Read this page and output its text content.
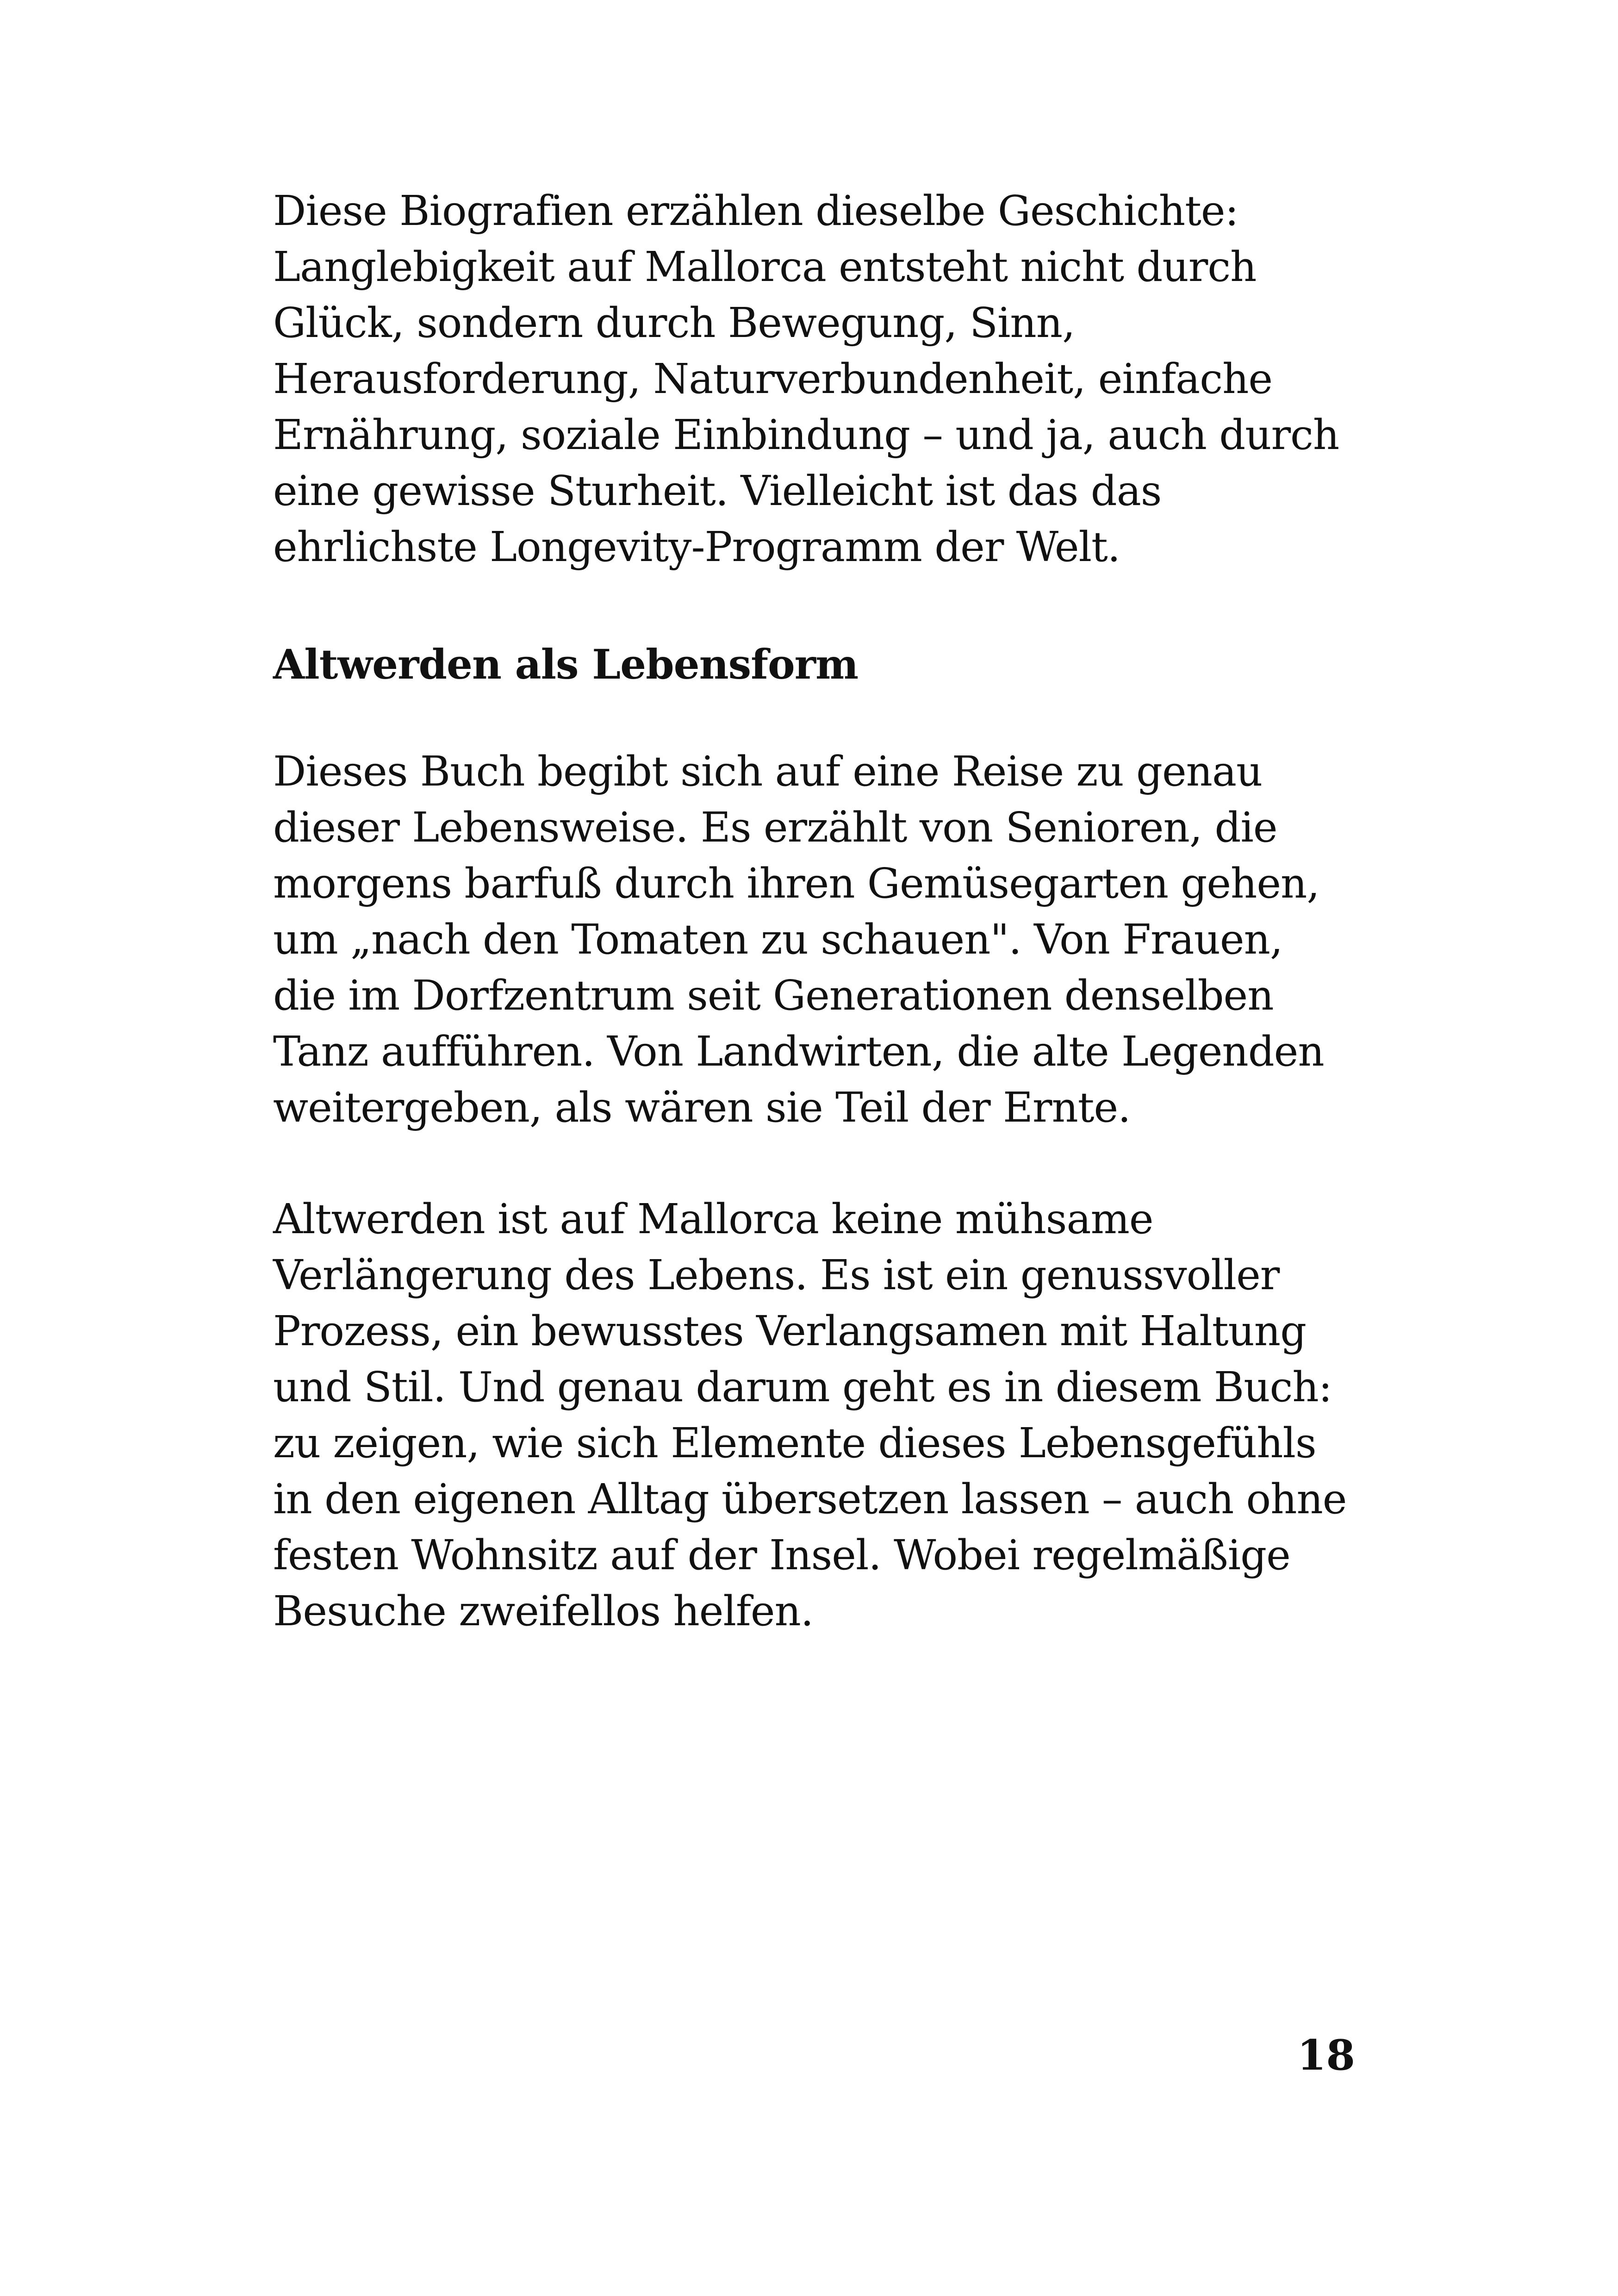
Diese Biografien erzählen dieselbe Geschichte:
Langlebigkeit auf Mallorca entsteht nicht durch
Glück, sondern durch Bewegung, Sinn,
Herausforderung, Naturverbundenheit, einfache
Ernährung, soziale Einbindung – und ja, auch durch
eine gewisse Sturheit. Vielleicht ist das das
ehrlichste Longevity-Programm der Welt.

Altwerden als Lebensform

Dieses Buch begibt sich auf eine Reise zu genau
dieser Lebensweise. Es erzählt von Senioren, die
morgens barfuß durch ihren Gemüsegarten gehen,
um „nach den Tomaten zu schauen". Von Frauen,
die im Dorfzentrum seit Generationen denselben
Tanz aufführen. Von Landwirten, die alte Legenden
weitergeben, als wären sie Teil der Ernte.

Altwerden ist auf Mallorca keine mühsame
Verlängerung des Lebens. Es ist ein genussvoller
Prozess, ein bewusstes Verlangsamen mit Haltung
und Stil. Und genau darum geht es in diesem Buch:
zu zeigen, wie sich Elemente dieses Lebensgefühls
in den eigenen Alltag übersetzen lassen – auch ohne
festen Wohnsitz auf der Insel. Wobei regelmäßige
Besuche zweifellos helfen.

18
